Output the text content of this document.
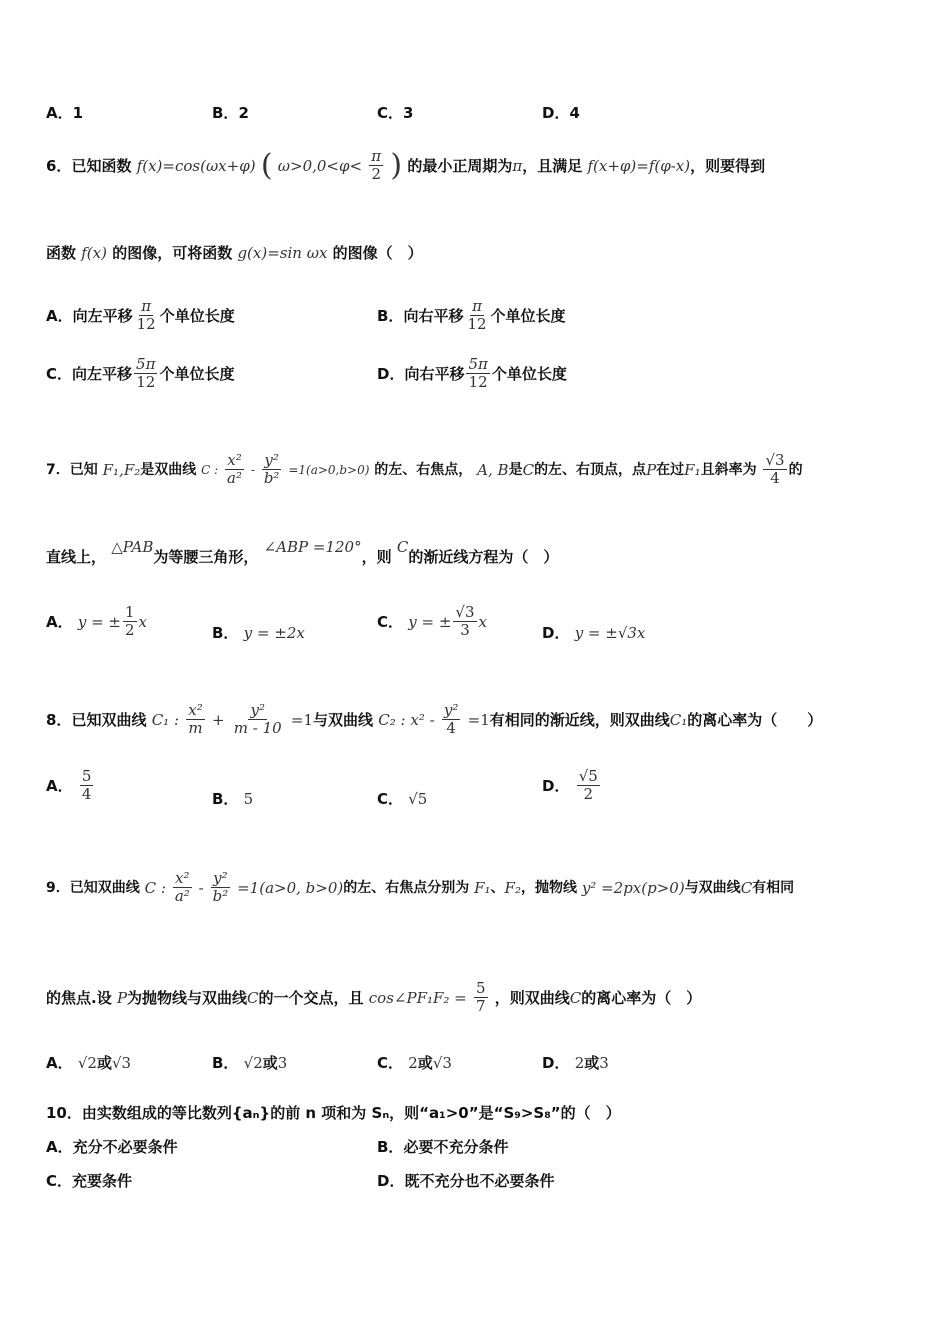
A．1	B．2	C．3	D．4
6．已知函数 f(x)=cos(ωx+φ) ( $\omega>0,0<\varphi< \frac{\pi}{2}$ ) 的最小正周期为π，且满足 f(x+φ)=f(φ-x)，则要得到
函数 f(x) 的图像，可将函数 g(x)=sin ωx 的图像（　）
A．向左平移 $\frac{\pi}{12}$ 个单位长度	B．向右平移 $\frac{\pi}{12}$ 个单位长度
C．向左平移 $\frac{5\pi}{12}$ 个单位长度	D．向右平移 $\frac{5\pi}{12}$ 个单位长度
7．已知 F₁,F₂是双曲线 C : $\frac{\text{x²}}{\text{a²}} - \frac{\text{y²}}{\text{b²}} =1(a>0,b>0)$ 的左、右焦点， A, B是C的左、右顶点，点P在过F₁且斜率为 $\frac{√3}{4}$ 的
直线上， △PAB为等腰三角形， ∠ABP =120°，则 C的渐近线方程为（　）
A． y = ± $\frac{1}{2}$ x
B． y = ±2x
C． y = ± $\frac{√3}{3}$ x
D． y = ±√3x
8．已知双曲线 C₁ : $\frac{\text{x²}}{m} + \frac{\text{y²}}{m - 10} =1$与双曲线 C₂ : $x^2 - \frac{\text{y²}}{4} =1$有相同的渐近线，则双曲线C₁的离心率为（　　）
A． $\frac{5}{4}$	B． 5	C． √5
D． $\frac{√5}{2}$
9．已知双曲线 C : $\frac{\text{x²}}{\text{a²}} - \frac{\text{y²}}{\text{b²}} =1(a>0$, b>0)的左、右焦点分别为 F₁、F₂，抛物线 y² =2px(p>0)与双曲线C有相同
的焦点.设 P为抛物线与双曲线C的一个交点，且 cos∠PF₁F₂ = $\frac{5}{7}$ ，则双曲线C的离心率为（　）
A． √2或√3	B． √2或3	C． 2或√3	D． 2或3
10．由实数组成的等比数列{aₙ}的前 n 项和为 Sₙ，则“a₁>0”是“S₉>S₈”的（　）
A．充分不必要条件	B．必要不充分条件
C．充要条件	D．既不充分也不必要条件
